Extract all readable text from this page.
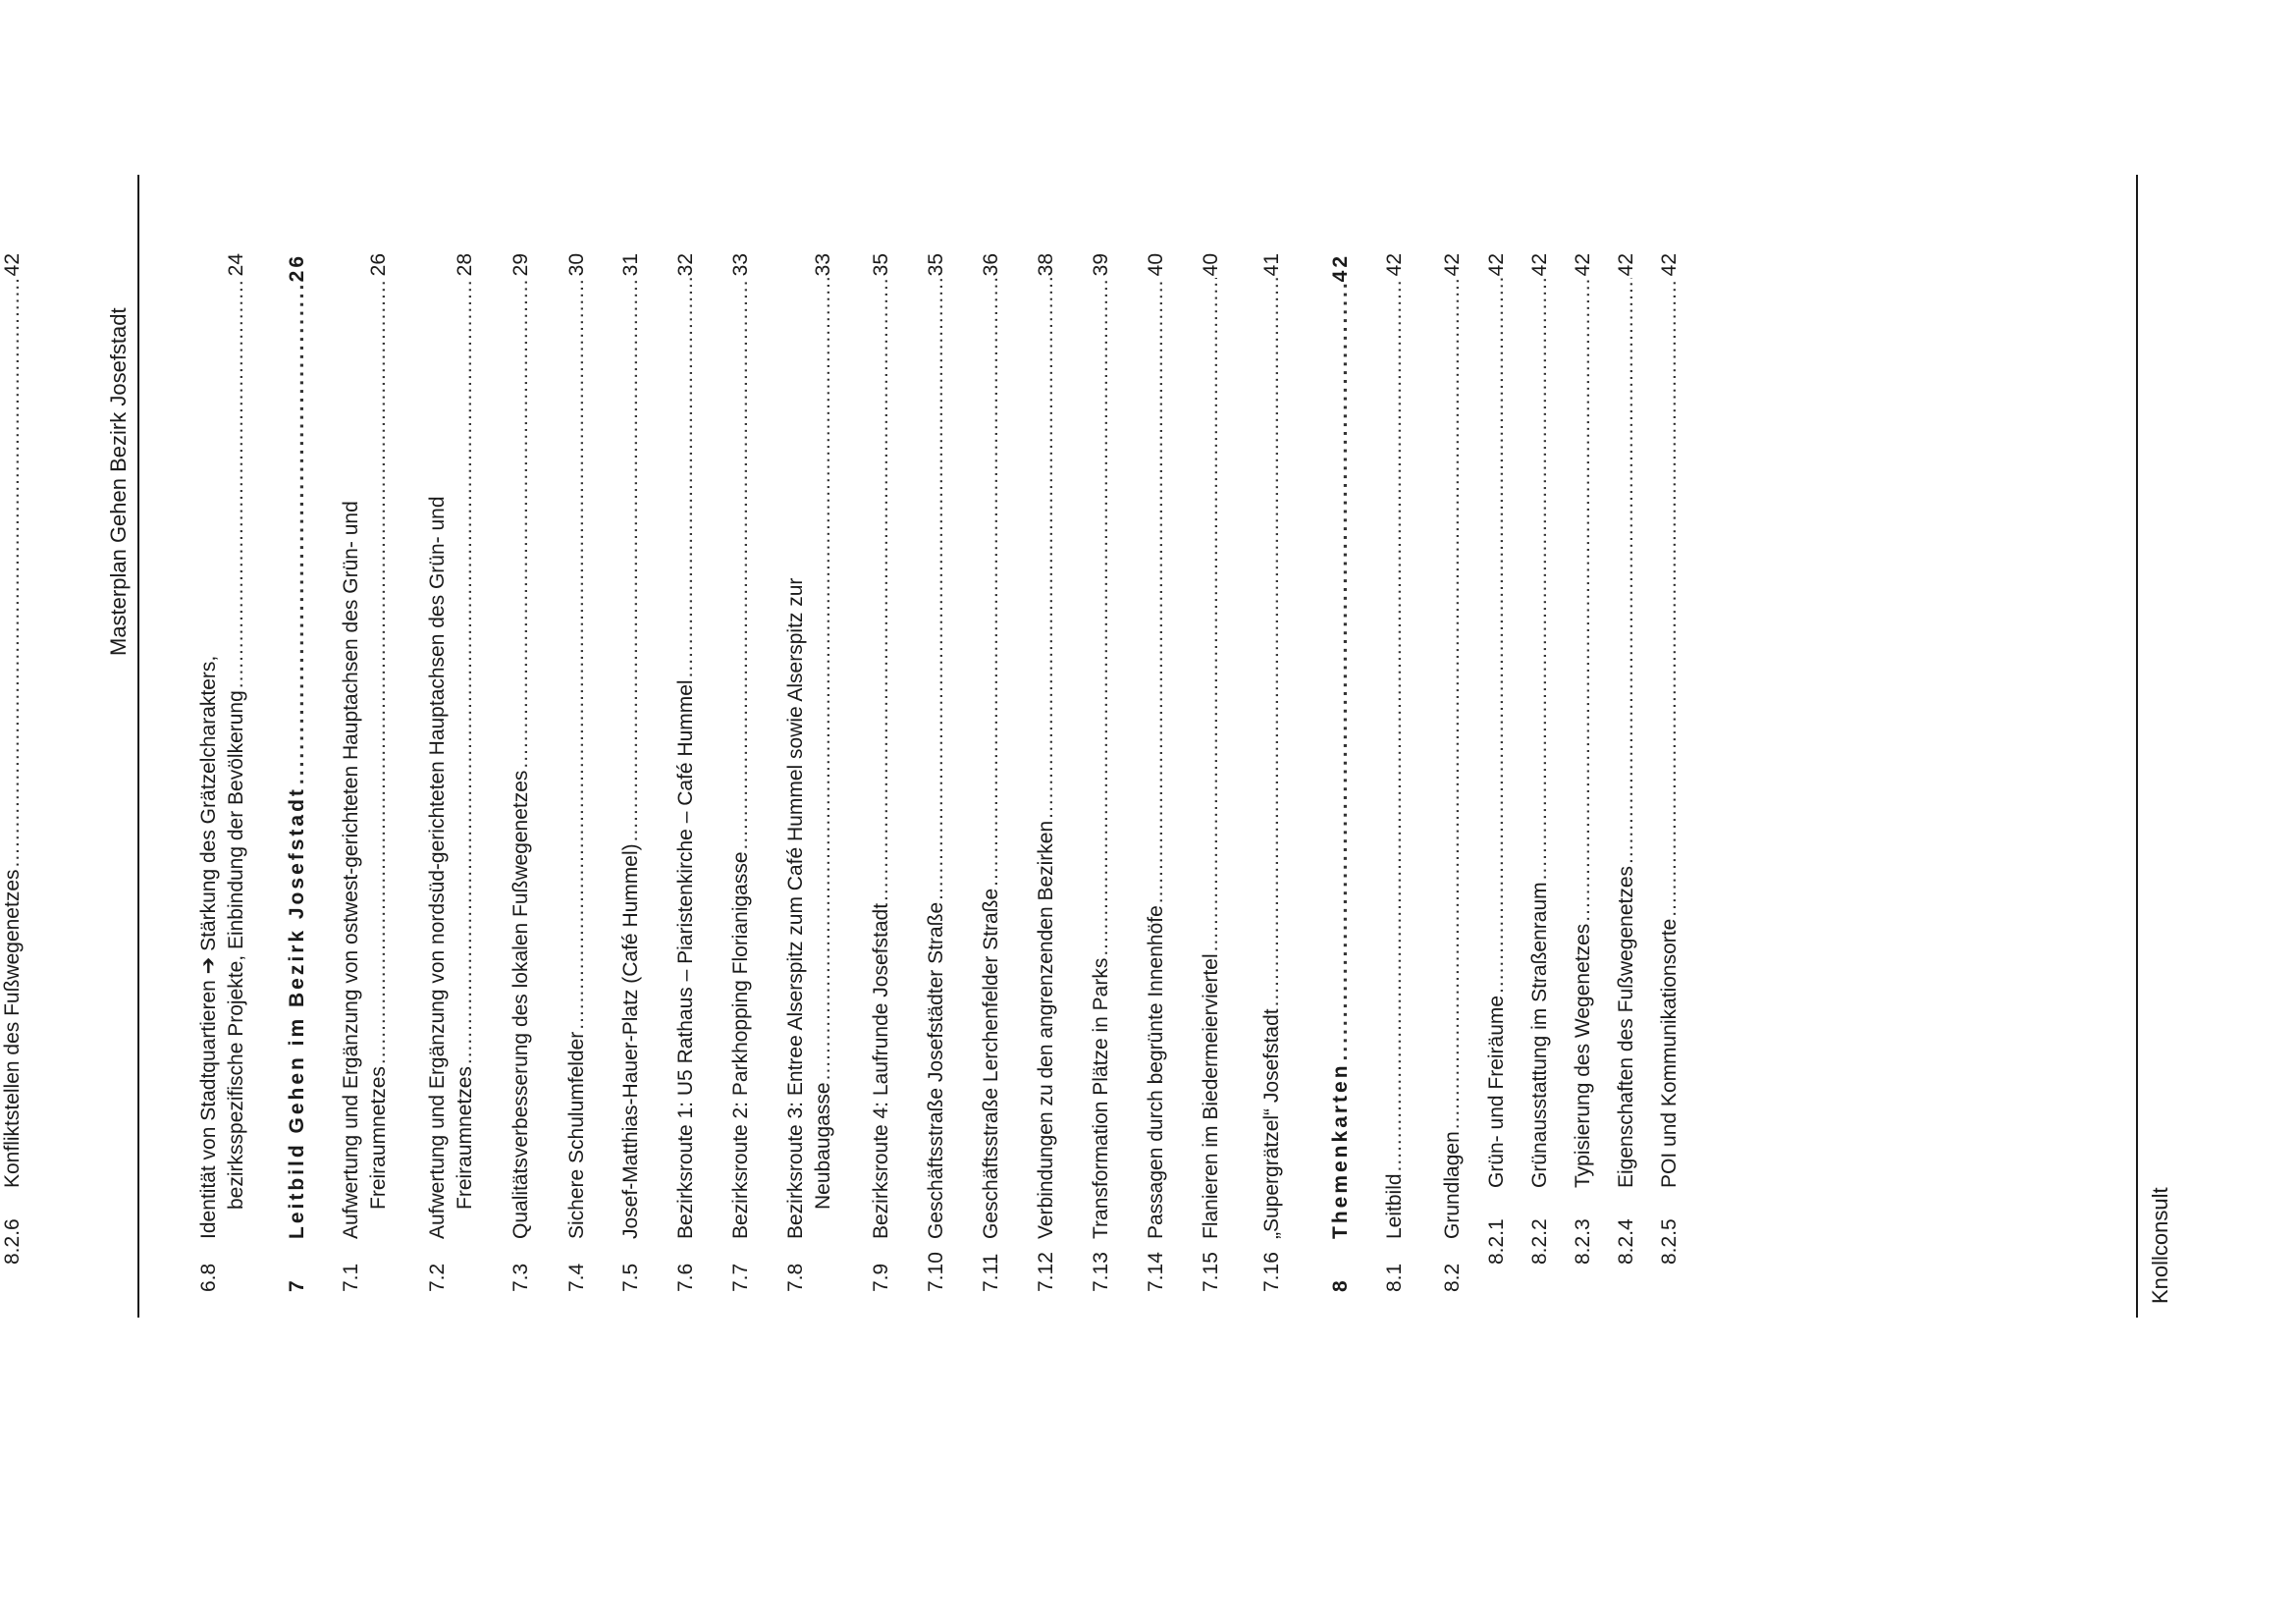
Masterplan Gehen Bezirk Josefstadt
6.8
Identität von Stadtquartieren ➔ Stärkung des Grätzelcharakters, bezirksspezifische Projekte, Einbindung der Bevölkerung
.....
24
7
Leitbild Gehen im Bezirk Josefstadt
.....
26
7.1
Aufwertung und Ergänzung von ostwest-gerichteten Hauptachsen des Grün- und Freiraumnetzes
.....
26
7.2
Aufwertung und Ergänzung von nordsüd-gerichteten Hauptachsen des Grün- und Freiraumnetzes
.....
28
7.3
Qualitätsverbesserung des lokalen Fußwegenetzes
.....
29
7.4
Sichere Schulumfelder
.....
30
7.5
Josef-Matthias-Hauer-Platz (Café Hummel)
.....
31
7.6
Bezirksroute 1: U5 Rathaus – Piaristenkirche – Café Hummel
.....
32
7.7
Bezirksroute 2: Parkhopping Florianigasse
.....
33
7.8
Bezirksroute 3: Entree Alserspitz zum Café Hummel sowie Alserspitz zur Neubaugasse
.....
33
7.9
Bezirksroute 4: Laufrunde Josefstadt
.....
35
7.10
Geschäftsstraße Josefstädter Straße
.....
35
7.11
Geschäftsstraße Lerchenfelder Straße
.....
36
7.12
Verbindungen zu den angrenzenden Bezirken
.....
38
7.13
Transformation Plätze in Parks
.....
39
7.14
Passagen durch begrünte Innenhöfe
.....
40
7.15
Flanieren im Biedermeierviertel
.....
40
7.16
„Supergrätzel“ Josefstadt
.....
41
8
Themenkarten
.....
42
8.1
Leitbild
.....
42
8.2
Grundlagen
.....
42
8.2.1
Grün- und Freiräume
.....
42
8.2.2
Grünausstattung im Straßenraum
.....
42
8.2.3
Typisierung des Wegenetzes
.....
42
8.2.4
Eigenschaften des Fußwegenetzes
.....
42
8.2.5
POI und Kommunikationsorte
.....
42
8.2.6
Konfliktstellen des Fußwegenetzes
.....
42
Knollconsult
